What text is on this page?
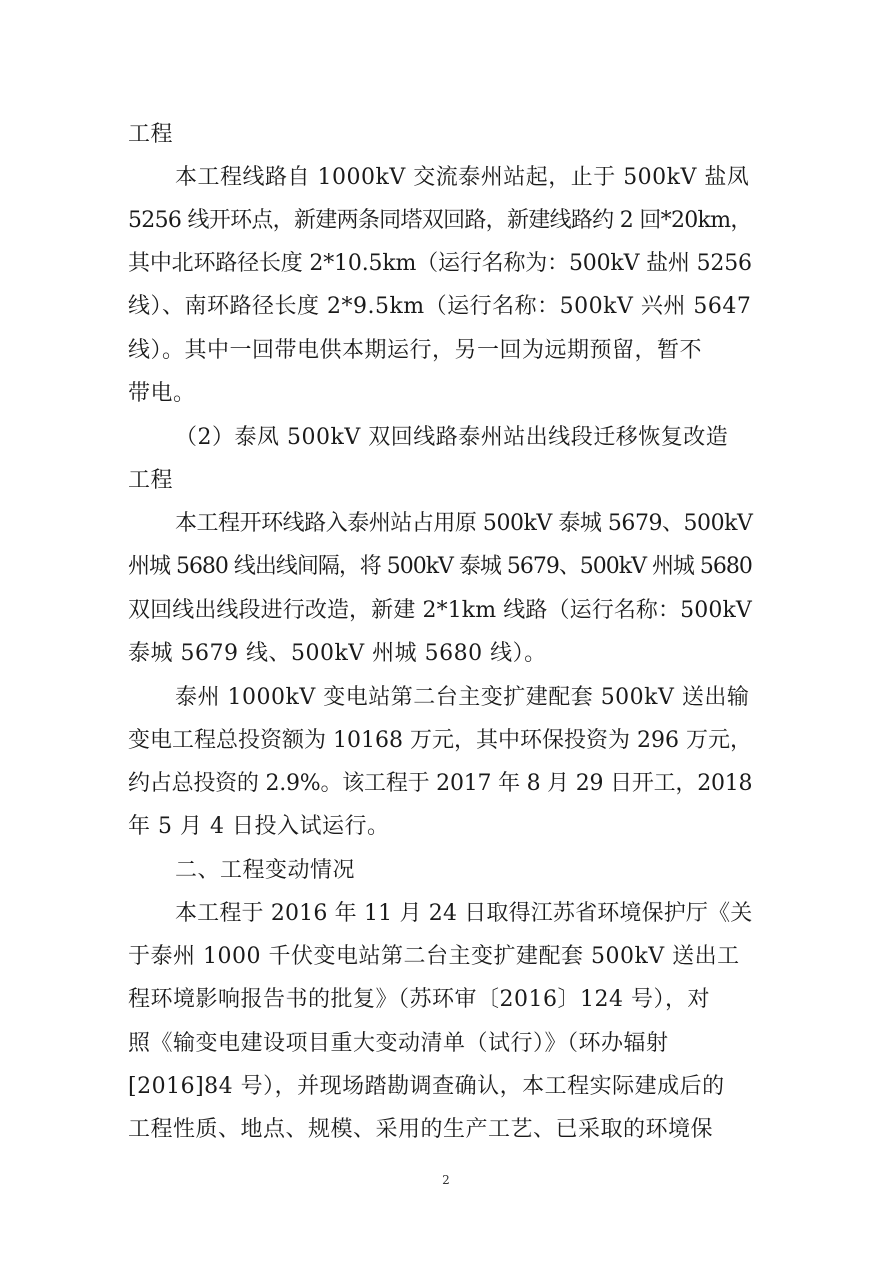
工程
本工程线路自 1000kV 交流泰州站起，止于 500kV 盐凤
5256 线开环点，新建两条同塔双回路，新建线路约 2 回*20km，
其中北环路径长度 2*10.5km（运行名称为：500kV 盐州 5256
线）、南环路径长度 2*9.5km（运行名称：500kV 兴州 5647
线）。其中一回带电供本期运行，另一回为远期预留，暂不
带电。
（2）泰凤 500kV 双回线路泰州站出线段迁移恢复改造
工程
本工程开环线路入泰州站占用原 500kV 泰城 5679、500kV
州城 5680 线出线间隔，将 500kV 泰城 5679、500kV 州城 5680
双回线出线段进行改造，新建 2*1km 线路（运行名称：500kV
泰城 5679 线、500kV 州城 5680 线）。
泰州 1000kV 变电站第二台主变扩建配套 500kV 送出输
变电工程总投资额为 10168 万元，其中环保投资为 296 万元，
约占总投资的 2.9%。该工程于 2017 年 8 月 29 日开工，2018
年 5 月 4 日投入试运行。
二、工程变动情况
本工程于 2016 年 11 月 24 日取得江苏省环境保护厅《关
于泰州 1000 千伏变电站第二台主变扩建配套 500kV 送出工
程环境影响报告书的批复》（苏环审〔2016〕124 号），对
照《输变电建设项目重大变动清单（试行）》（环办辐射
[2016]84 号），并现场踏勘调查确认，本工程实际建成后的
工程性质、地点、规模、采用的生产工艺、已采取的环境保
2
